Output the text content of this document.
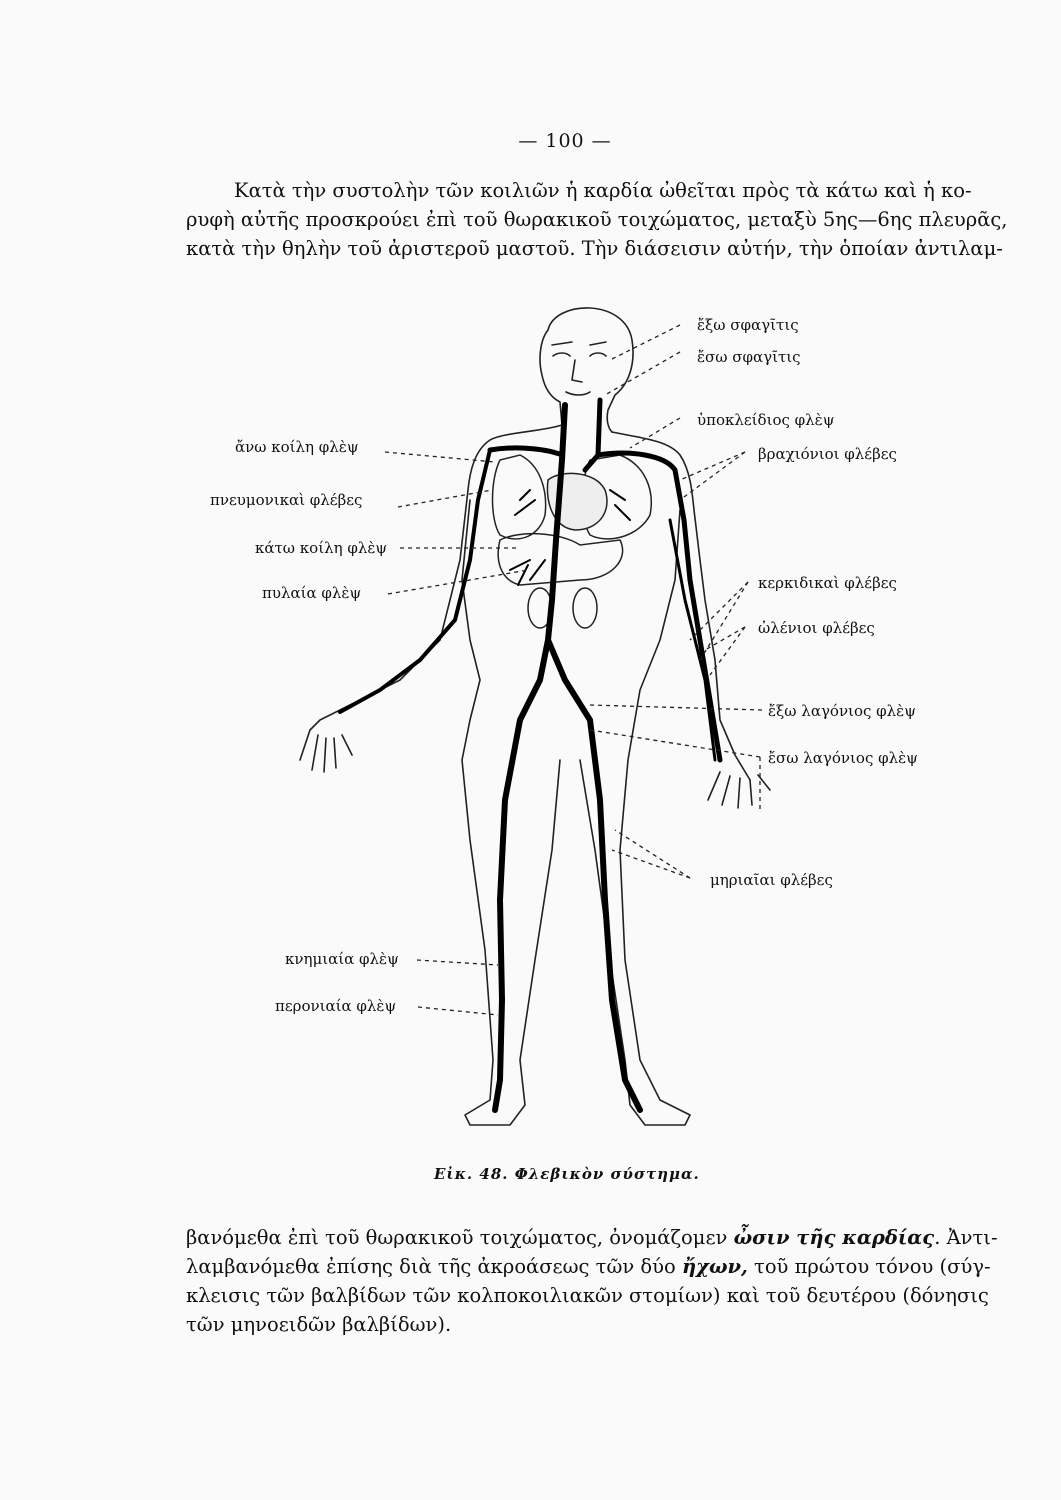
— 100 —
Κατὰ τὴν συστολὴν τῶν κοιλιῶν ἡ καρδία ὠθεῖται πρὸς τὰ κάτω καὶ ἡ κο-
ρυφὴ αὐτῆς προσκρούει ἐπὶ τοῦ θωρακικοῦ τοιχώματος, μεταξὺ 5ης—6ης πλευρᾶς,
κατὰ τὴν θηλὴν τοῦ ἀριστεροῦ μαστοῦ. Τὴν διάσεισιν αὐτήν, τὴν ὁποίαν ἀντιλαμ-
ἄνω κοίλη φλὲψ
πνευμονικαὶ φλέβες
κάτω κοίλη φλὲψ
πυλαία φλὲψ
κνημιαία φλὲψ
περονιαία φλὲψ
ἔξω σφαγῖτις
ἔσω σφαγῖτις
ὑποκλείδιος φλὲψ
βραχιόνιοι φλέβες
κερκιδικαὶ φλέβες
ὠλένιοι φλέβες
ἔξω λαγόνιος φλὲψ
ἔσω λαγόνιος φλὲψ
μηριαῖαι φλέβες
Εἰκ. 48. Φλεβικὸν σύστημα.
βανόμεθα ἐπὶ τοῦ θωρακικοῦ τοιχώματος, ὀνομάζομεν ὦσιν τῆς καρδίας. Ἀντι-
λαμβανόμεθα ἐπίσης διὰ τῆς ἀκροάσεως τῶν δύο ἤχων, τοῦ πρώτου τόνου (σύγ-
κλεισις τῶν βαλβίδων τῶν κολποκοιλιακῶν στομίων) καὶ τοῦ δευτέρου (δόνησις
τῶν μηνοειδῶν βαλβίδων).
